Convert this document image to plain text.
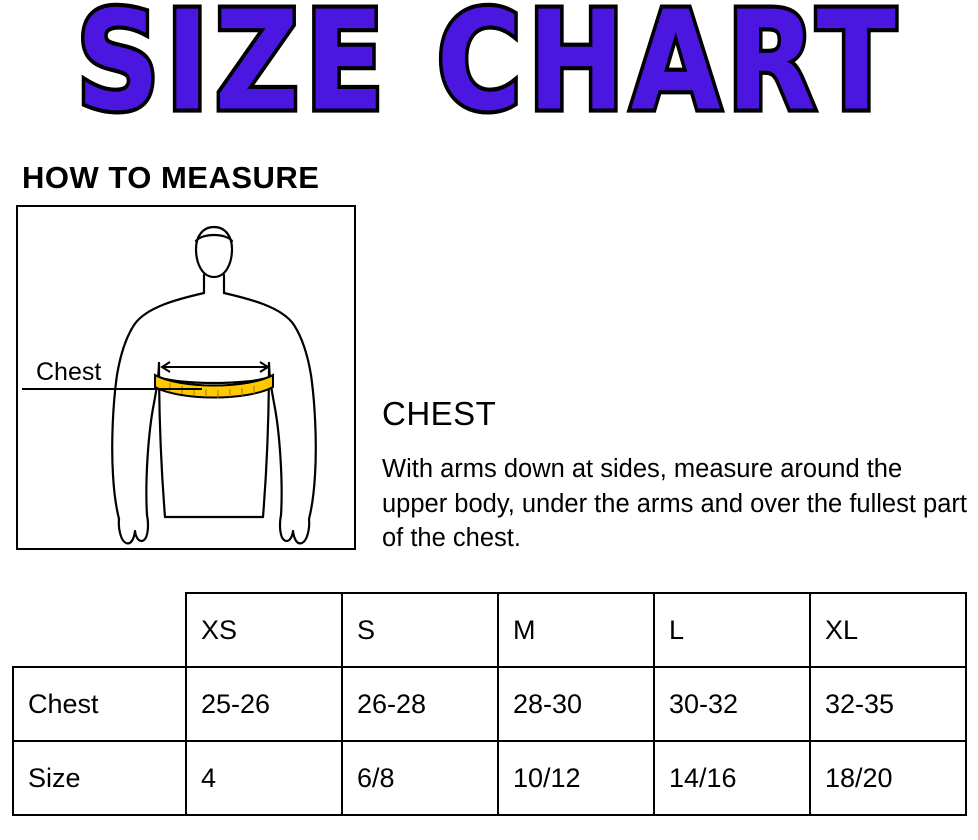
SIZE CHART
HOW TO MEASURE
Chest
CHEST
With arms down at sides, measure around the upper body, under the arms and over the fullest part of the chest.
	XS	S	M	L	XL
Chest	25-26	26-28	28-30	30-32	32-35
Size	4	6/8	10/12	14/16	18/20
